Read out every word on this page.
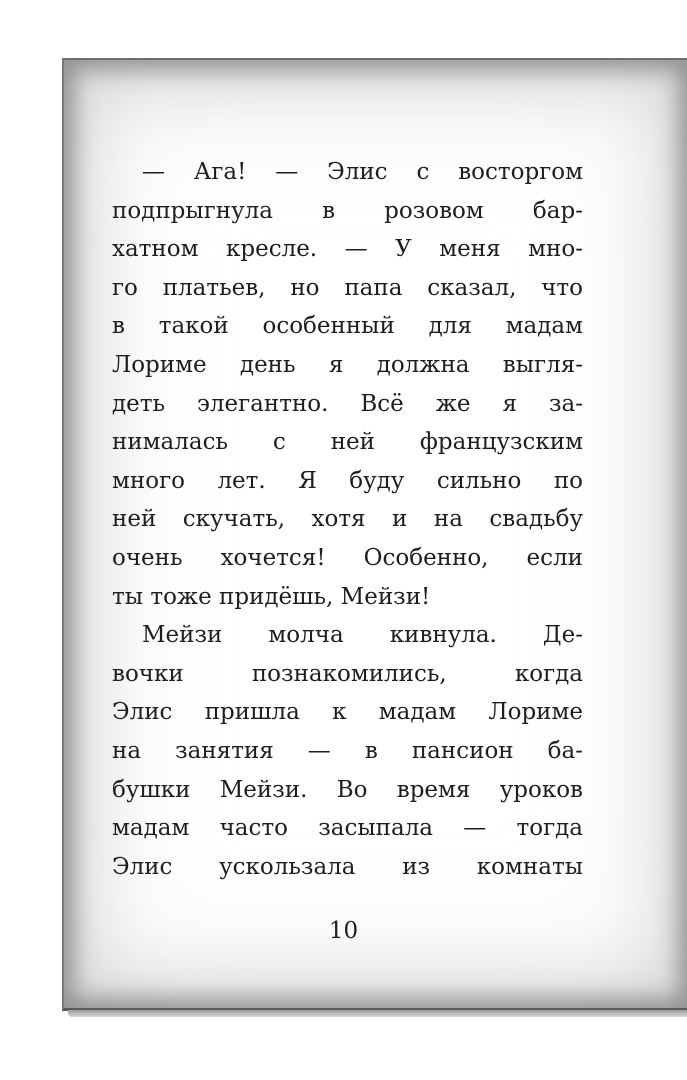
— Ага! — Элис с восторгом
подпрыгнула в розовом бар-
хатном кресле. — У меня мно-
го платьев, но папа сказал, что
в такой особенный для мадам
Лориме день я должна выгля-
деть элегантно. Всё же я за-
нималась с ней французским
много лет. Я буду сильно по
ней скучать, хотя и на свадьбу
очень хочется! Особенно, если
ты тоже придёшь, Мейзи!
Мейзи молча кивнула. Де-
вочки познакомились, когда
Элис пришла к мадам Лориме
на занятия — в пансион ба-
бушки Мейзи. Во время уроков
мадам часто засыпала — тогда
Элис ускользала из комнаты
10
